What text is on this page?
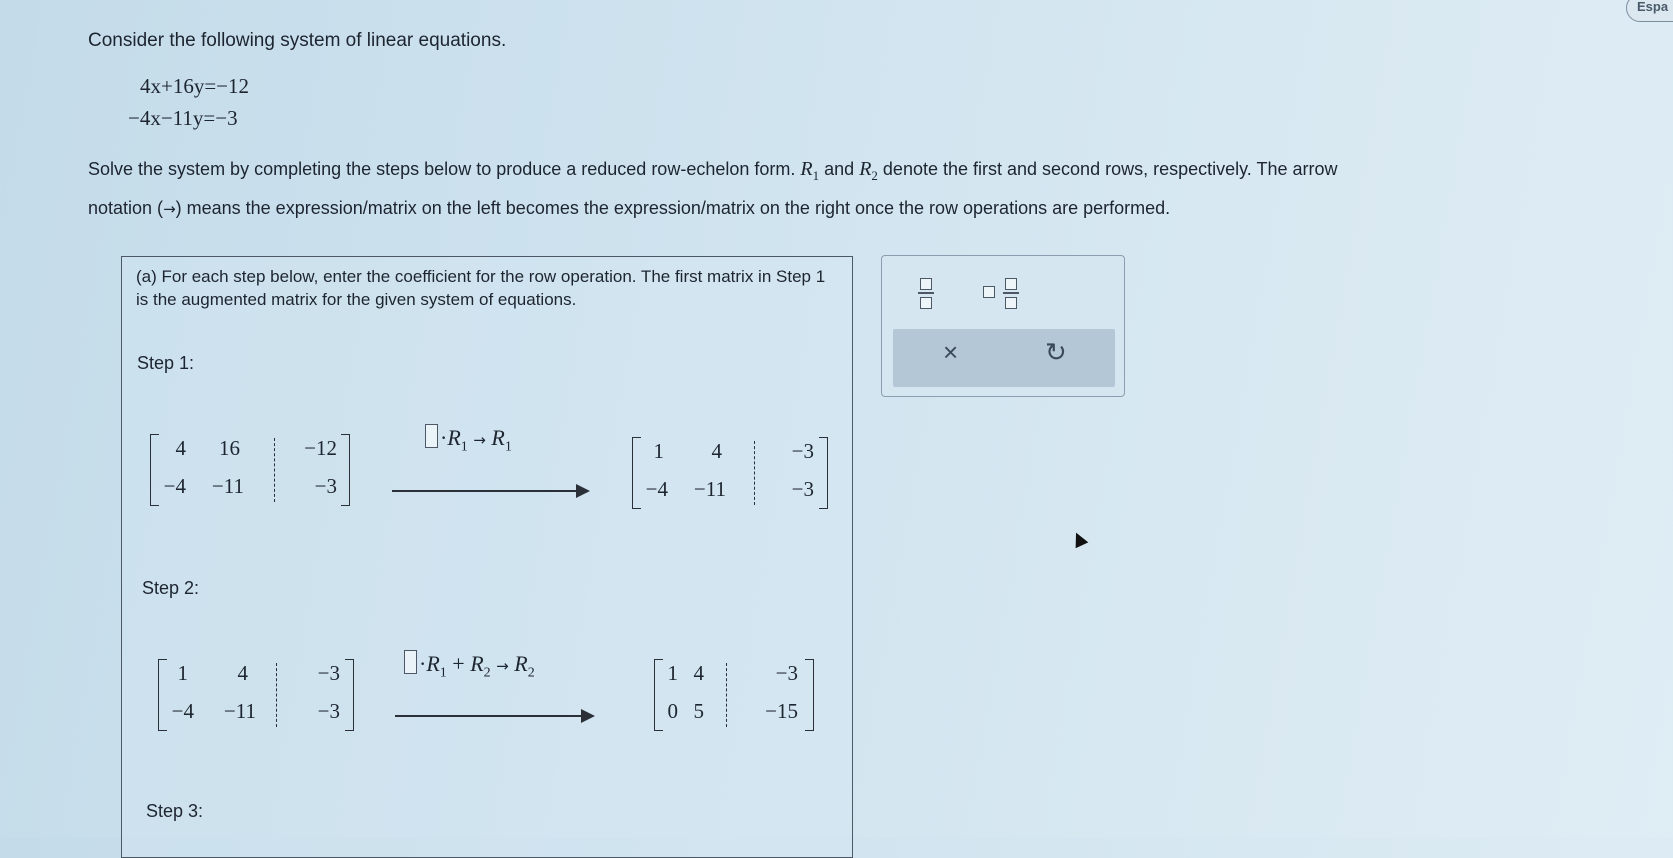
Espa
Consider the following system of linear equations.
4x+16y=−12
−4x−11y=−3
Solve the system by completing the steps below to produce a reduced row-echelon form. $R_1$ and $R_2$ denote the first and second rows, respectively. The arrow
notation (→) means the expression/matrix on the left becomes the expression/matrix on the right once the row operations are performed.
(a) For each step below, enter the coefficient for the row operation. The first matrix in Step 1 is the augmented matrix for the given system of equations.
Step 1:
4	16	−12
−4	−11	−3
$\cdot R_1 \to R_1$	1	4	−3
−4	−11	−3
Step 2:
1	4	−3
−4	−11	−3
$\cdot R_1 + R_2 \to R_2$	1 4	−3
0 5	−15
Step 3:
×	↻
